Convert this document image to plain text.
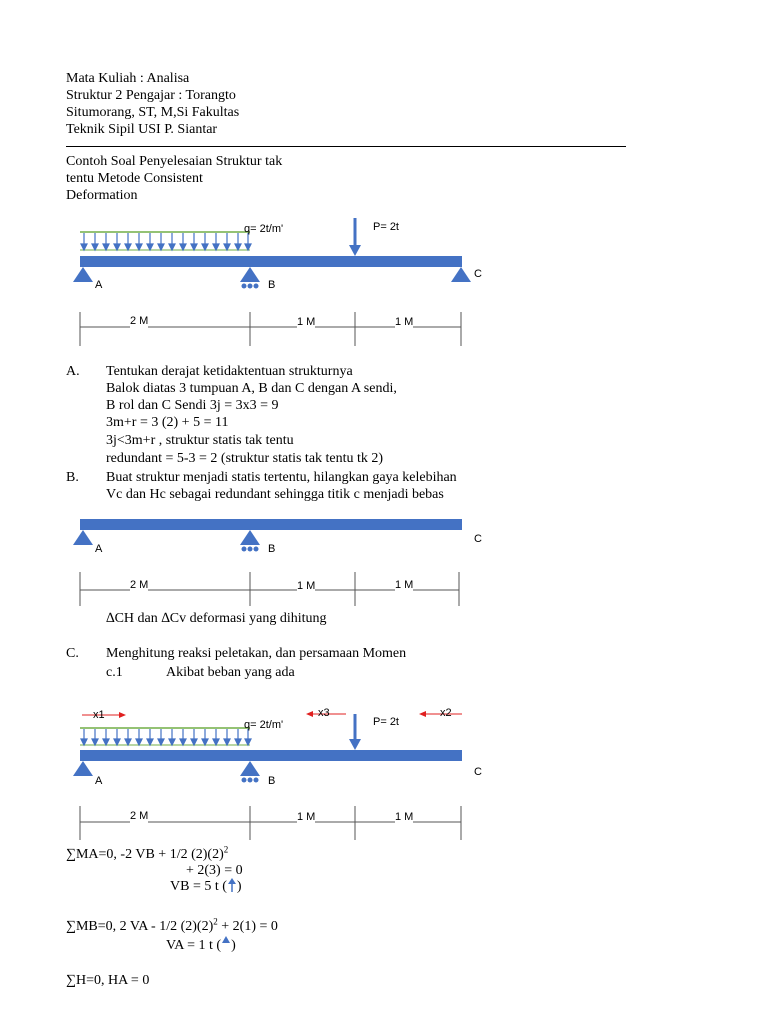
Mata Kuliah : Analisa
Struktur 2 Pengajar : Torangto
Situmorang, ST, M,Si Fakultas
Teknik Sipil USI P. Siantar
Contoh Soal Penyelesaian Struktur tak
tentu Metode Consistent
Deformation
q= 2t/m'	P= 2t
A	B
C
2 M	1 M	1 M
A. Tentukan derajat ketidaktentuan strukturnya
Balok diatas 3 tumpuan A, B dan C dengan A sendi,
B rol dan C Sendi 3j = 3x3 = 9
3m+r = 3 (2) + 5 = 11
3j<3m+r , struktur statis tak tentu
redundant = 5-3 = 2 (struktur statis tak tentu tk 2)
B. Buat struktur menjadi statis tertentu, hilangkan gaya kelebihan
Vc dan Hc sebagai redundant sehingga titik c menjadi bebas
A	B
C
2 M	1 M	1 M
∆CH dan ∆Cv deformasi yang dihitung
C. Menghitung reaksi peletakan, dan persamaan Momen
c.1	Akibat beban yang ada
x1	x3	x2
q= 2t/m'	P= 2t
A	B
C
2 M	1 M	1 M
∑MA=0, -2 VB + 1/2 $(2)(2)^2$
+ 2(3) = 0
VB = 5 t ( )
∑MB=0, 2 VA - 1/2 $(2)(2)^2 + 2(1) = 0$
VA = 1 t ( )
∑H=0, HA = 0
